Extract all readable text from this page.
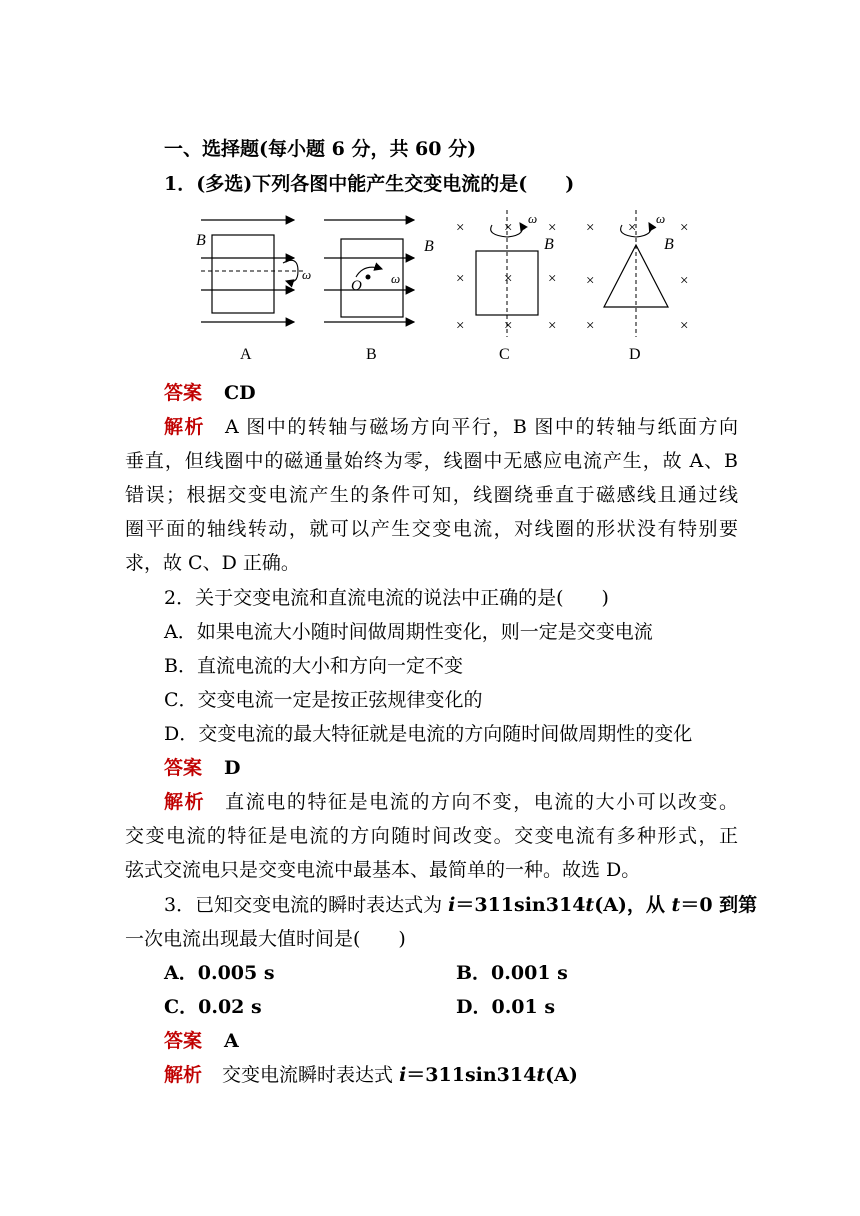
一、选择题(每小题 6 分，共 60 分)
1．(多选)下列各图中能产生交变电流的是(　　)
ω
B
A
O ω
B
B
×	× ×
×	× ×
×	× ×
ω
B
C
× ×	×
×	×
×	×
ω
B
D
答案 CD
解析 A 图中的转轴与磁场方向平行，B 图中的转轴与纸面方向
垂直，但线圈中的磁通量始终为零，线圈中无感应电流产生，故 A、B
错误；根据交变电流产生的条件可知，线圈绕垂直于磁感线且通过线
圈平面的轴线转动，就可以产生交变电流，对线圈的形状没有特别要
求，故 C、D 正确。
2．关于交变电流和直流电流的说法中正确的是(　　)
A．如果电流大小随时间做周期性变化，则一定是交变电流
B．直流电流的大小和方向一定不变
C．交变电流一定是按正弦规律变化的
D．交变电流的最大特征就是电流的方向随时间做周期性的变化
答案 D
解析 直流电的特征是电流的方向不变，电流的大小可以改变。
交变电流的特征是电流的方向随时间改变。交变电流有多种形式，正
弦式交流电只是交变电流中最基本、最简单的一种。故选 D。
3．已知交变电流的瞬时表达式为 i＝311sin314t(A)，从 t＝0 到第
一次电流出现最大值时间是(　　)
A．0.005 s	B．0.001 s
C．0.02 s	D．0.01 s
答案 A
解析 交变电流瞬时表达式 i＝311sin314t(A)
